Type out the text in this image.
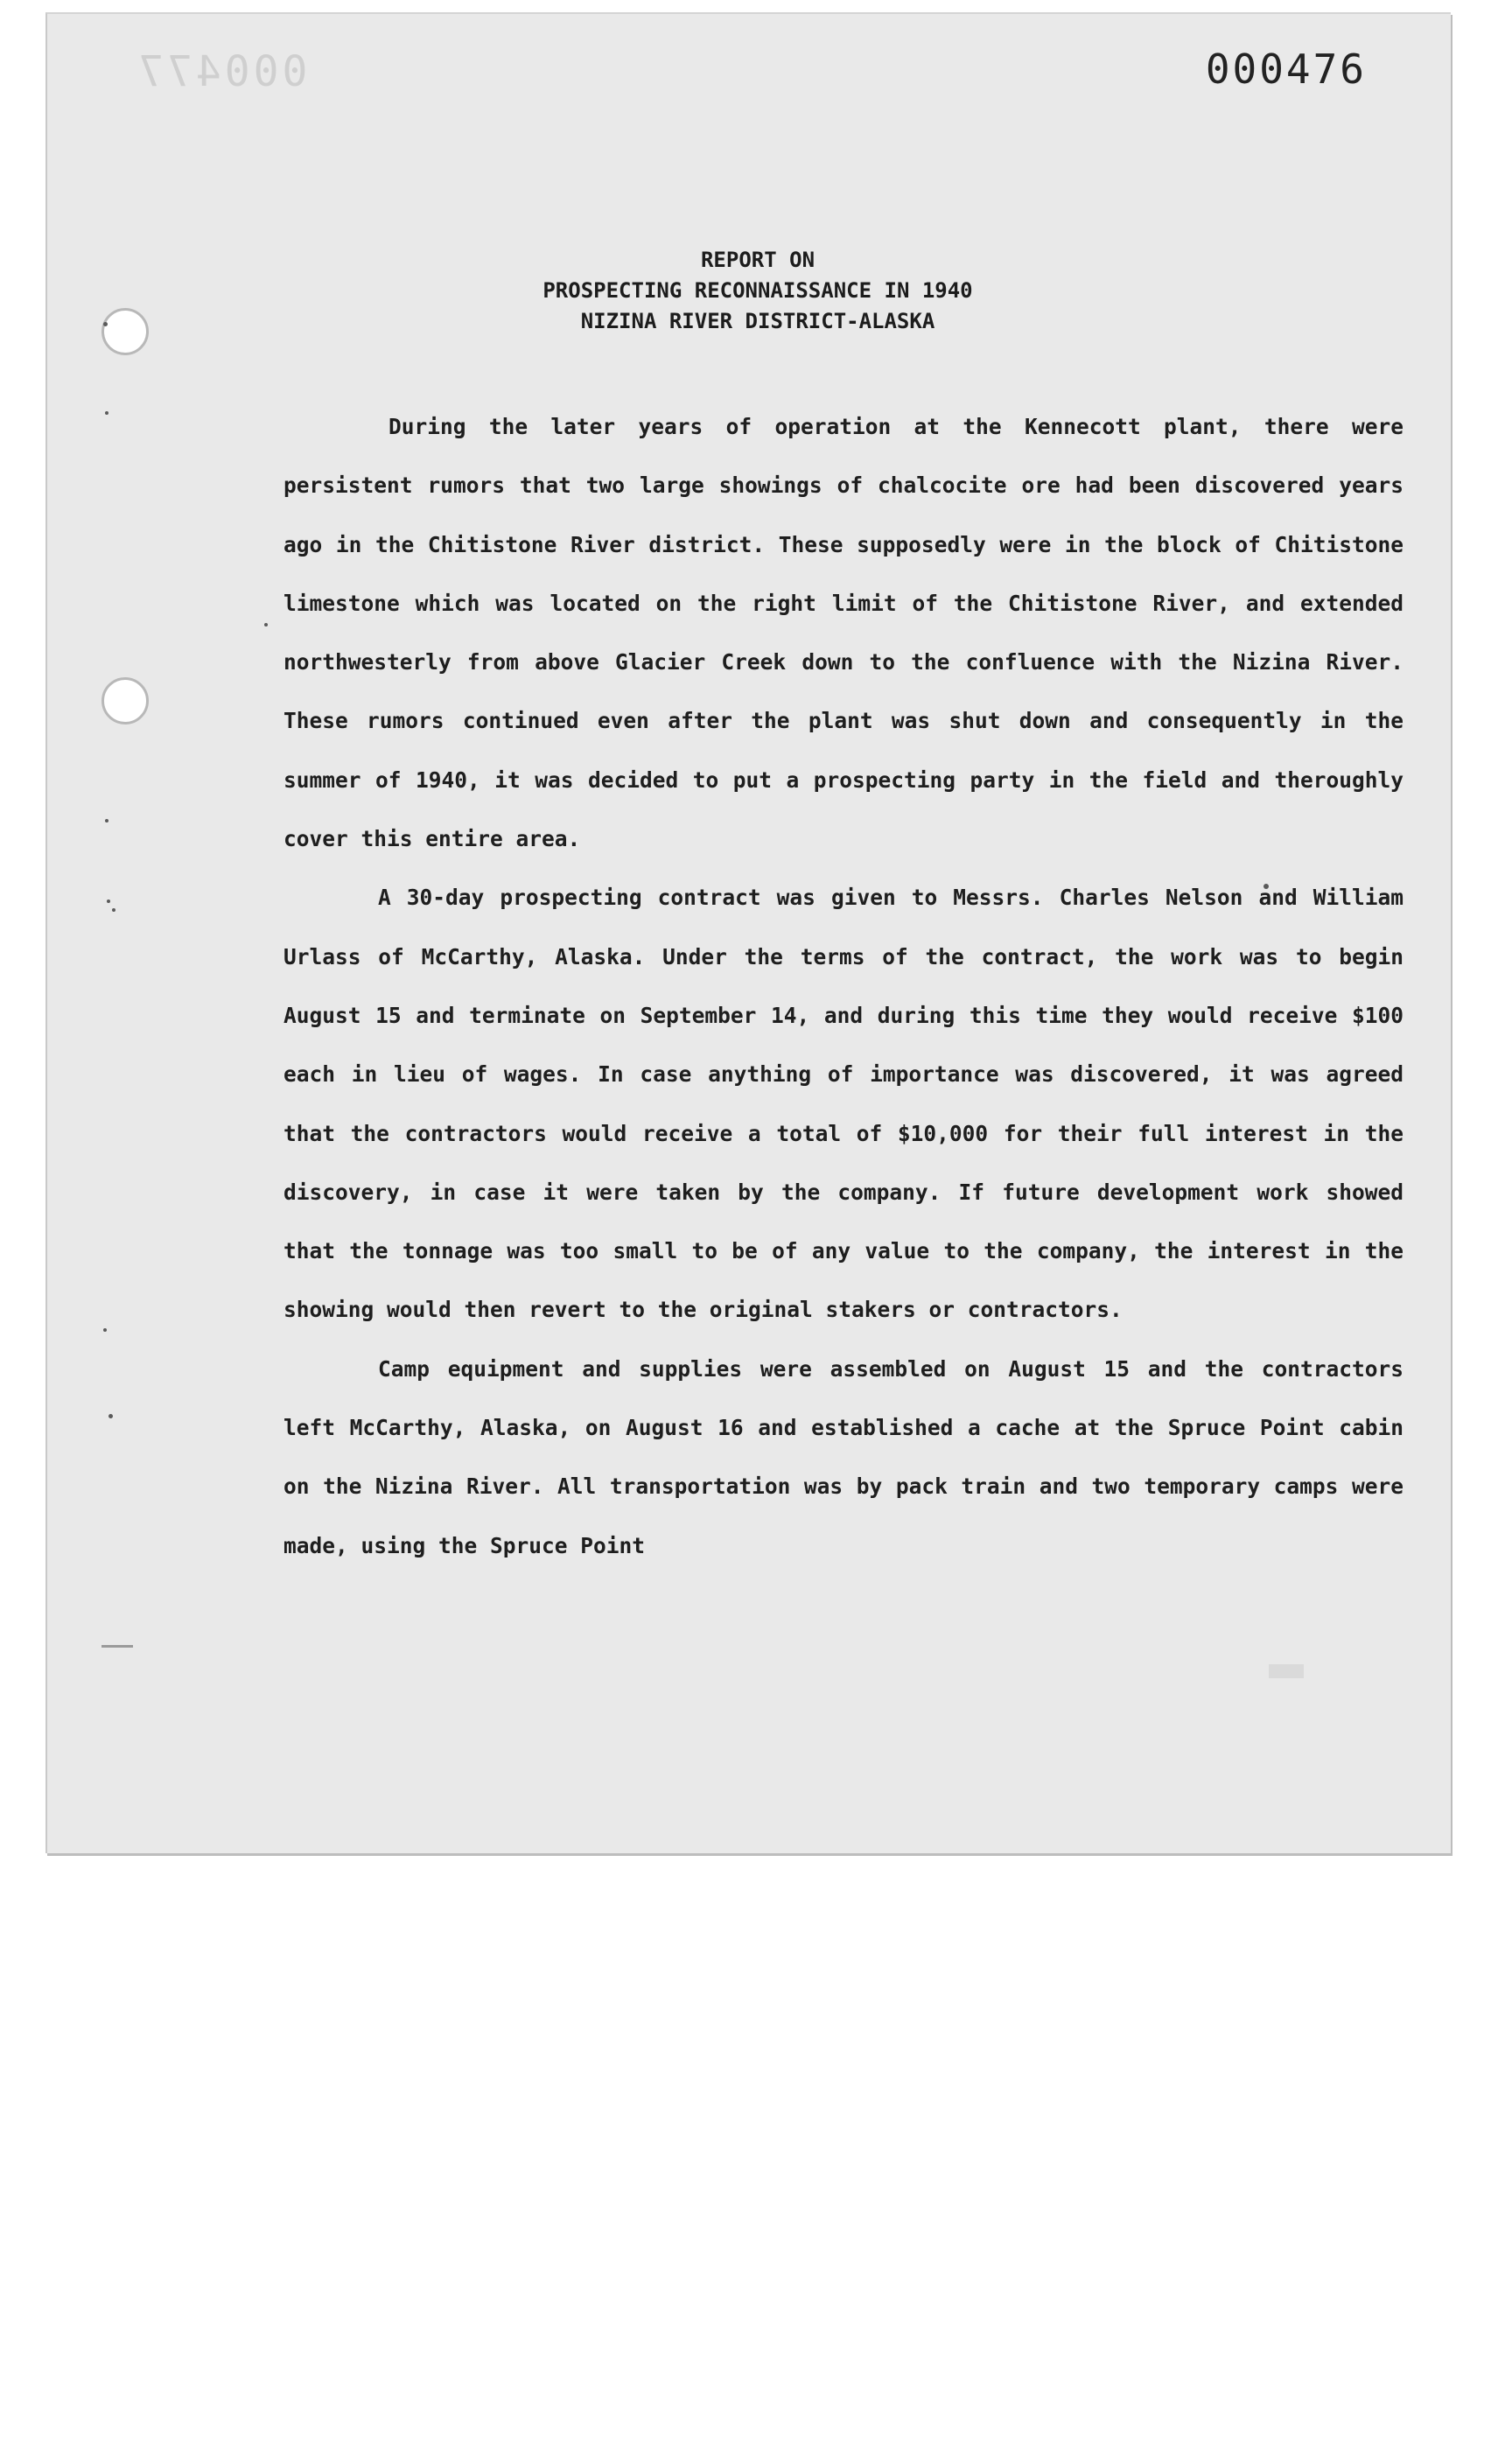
000477	000476
REPORT ON
PROSPECTING RECONNAISSANCE IN 1940
NIZINA RIVER DISTRICT-ALASKA

During the later years of operation at the Kennecott plant, there were persistent rumors that two large showings of chalcocite ore had been discovered years ago in the Chitistone River district. These supposedly were in the block of Chitistone limestone which was located on the right limit of the Chitistone River, and extended northwesterly from above Glacier Creek down to the confluence with the Nizina River. These rumors continued even after the plant was shut down and consequently in the summer of 1940, it was decided to put a prospecting party in the field and theroughly cover this entire area.

A 30-day prospecting contract was given to Messrs. Charles Nelson and William Urlass of McCarthy, Alaska. Under the terms of the contract, the work was to begin August 15 and terminate on September 14, and during this time they would receive $100 each in lieu of wages. In case anything of importance was discovered, it was agreed that the contractors would receive a total of $10,000 for their full interest in the discovery, in case it were taken by the company. If future development work showed that the tonnage was too small to be of any value to the company, the interest in the showing would then revert to the original stakers or contractors.

Camp equipment and supplies were assembled on August 15 and the contractors left McCarthy, Alaska, on August 16 and established a cache at the Spruce Point cabin on the Nizina River. All transportation was by pack train and two temporary camps were made, using the Spruce Point
